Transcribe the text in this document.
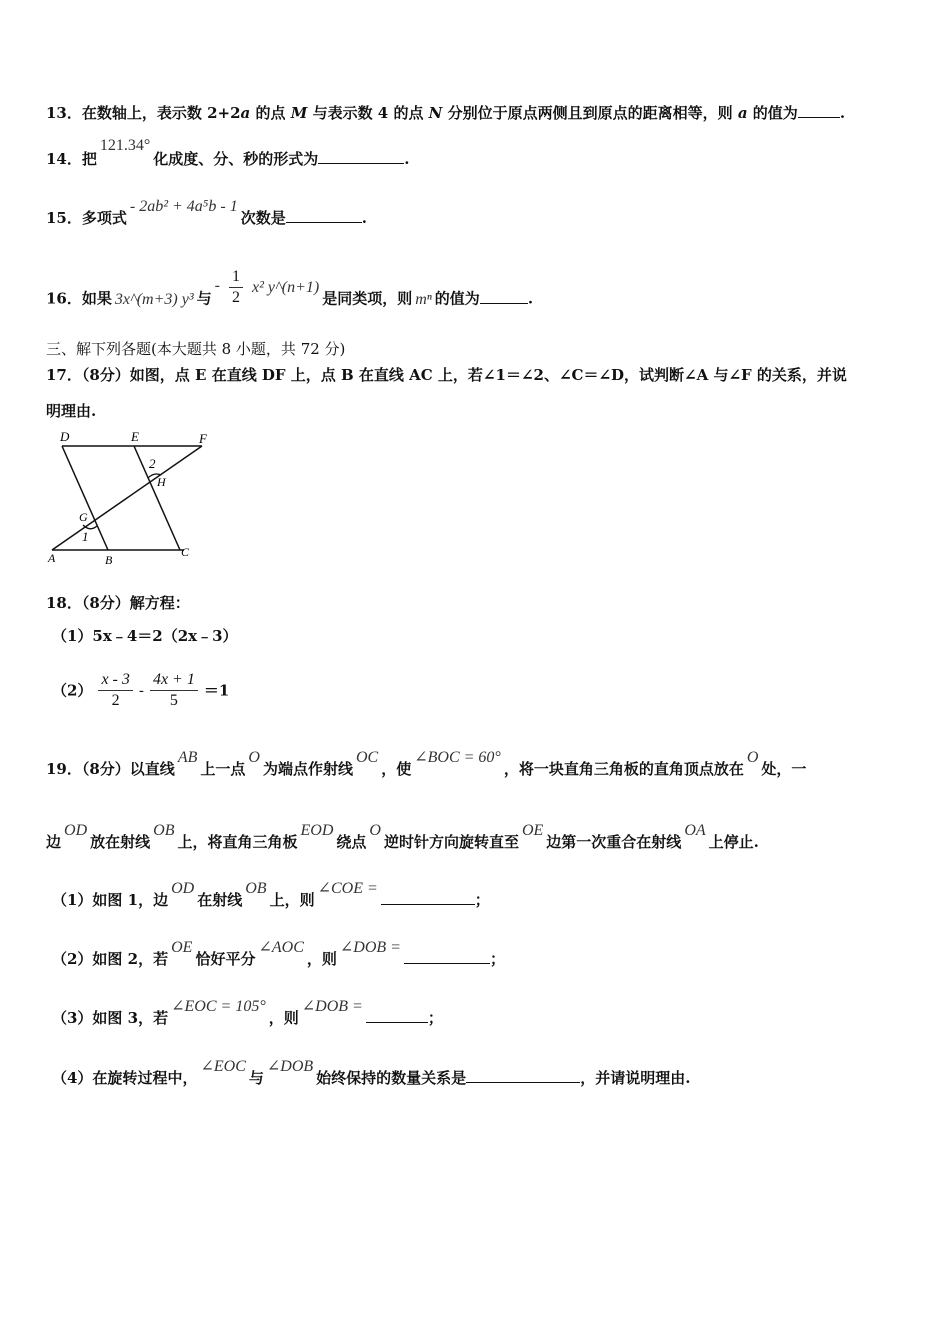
13．在数轴上，表示数 2+2a 的点 M 与表示数 4 的点 N 分别位于原点两侧且到原点的距离相等，则 a 的值为	.
14．把121.34°化成度、分、秒的形式为	.
15．多项式- 2ab² + 4a⁵b - 1次数是	.
16．如果 3x^(m+3) y³ 与- $\frac{1}{2} x^2$ y^(n+1)是同类项，则 mⁿ 的值为	.
三、解下列各题(本大题共 8 小题，共 72 分)
17．（8分）如图，点 E 在直线 DF 上，点 B 在直线 AC 上，若∠1＝∠2、∠C＝∠D，试判断∠A 与∠F 的关系，并说
明理由.
D	E	F
2
H
G
1
A	B
C
18．（8分）解方程：
（1）5x﹣4＝2（2x﹣3）
$(2) \frac{x - 3}{2} - \frac{4x + 1}{5} =1$
19．（8分）以直线AB上一点O为端点作射线OC，使∠BOC = 60°，将一块直角三角板的直角顶点放在O处，一
边OD放在射线OB上，将直角三角板EOD绕点O逆时针方向旋转直至OE边第一次重合在射线OA上停止.
（1）如图 1，边OD在射线OB上，则∠COE =；
（2）如图 2，若OE恰好平分∠AOC，则∠DOB =；
（3）如图 3，若∠EOC = 105°，则∠DOB =；
（4）在旋转过程中，∠EOC与∠DOB始终保持的数量关系是	，并请说明理由.
